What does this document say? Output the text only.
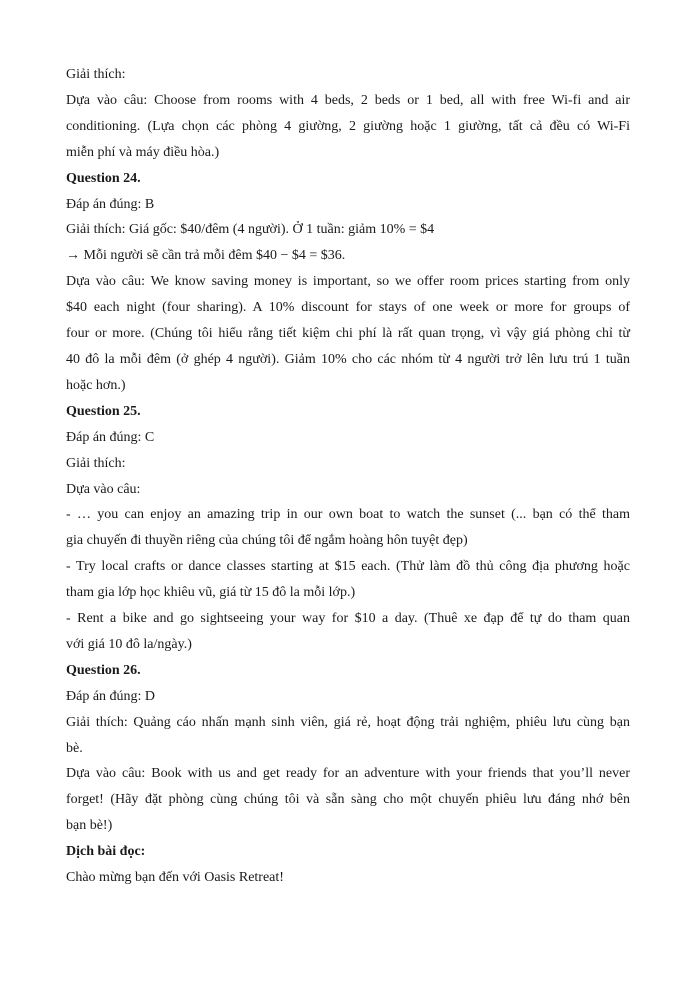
Giải thích:

Dựa vào câu: Choose from rooms with 4 beds, 2 beds or 1 bed, all with free Wi-fi and air

conditioning. (Lựa chọn các phòng 4 giường, 2 giường hoặc 1 giường, tất cả đều có Wi-Fi

miễn phí và máy điều hòa.)

Question 24.

Đáp án đúng: B

Giải thích: Giá gốc: $40/đêm (4 người). Ở 1 tuần: giảm 10% = $4

→ Mỗi người sẽ cần trả mỗi đêm $40 − $4 = $36.

Dựa vào câu: We know saving money is important, so we offer room prices starting from only

$40 each night (four sharing). A 10% discount for stays of one week or more for groups of

four or more. (Chúng tôi hiểu rằng tiết kiệm chi phí là rất quan trọng, vì vậy giá phòng chỉ từ

40 đô la mỗi đêm (ở ghép 4 người). Giảm 10% cho các nhóm từ 4 người trở lên lưu trú 1 tuần

hoặc hơn.)

Question 25.

Đáp án đúng: C

Giải thích:

Dựa vào câu:

- … you can enjoy an amazing trip in our own boat to watch the sunset (... bạn có thể tham

gia chuyến đi thuyền riêng của chúng tôi để ngắm hoàng hôn tuyệt đẹp)

- Try local crafts or dance classes starting at $15 each. (Thử làm đồ thủ công địa phương hoặc

tham gia lớp học khiêu vũ, giá từ 15 đô la mỗi lớp.)

- Rent a bike and go sightseeing your way for $10 a day. (Thuê xe đạp để tự do tham quan

với giá 10 đô la/ngày.)

Question 26.

Đáp án đúng: D

Giải thích: Quảng cáo nhấn mạnh sinh viên, giá rẻ, hoạt động trải nghiệm, phiêu lưu cùng bạn

bè.

Dựa vào câu: Book with us and get ready for an adventure with your friends that you’ll never

forget! (Hãy đặt phòng cùng chúng tôi và sẵn sàng cho một chuyến phiêu lưu đáng nhớ bên

bạn bè!)

Dịch bài đọc:

Chào mừng bạn đến với Oasis Retreat!
